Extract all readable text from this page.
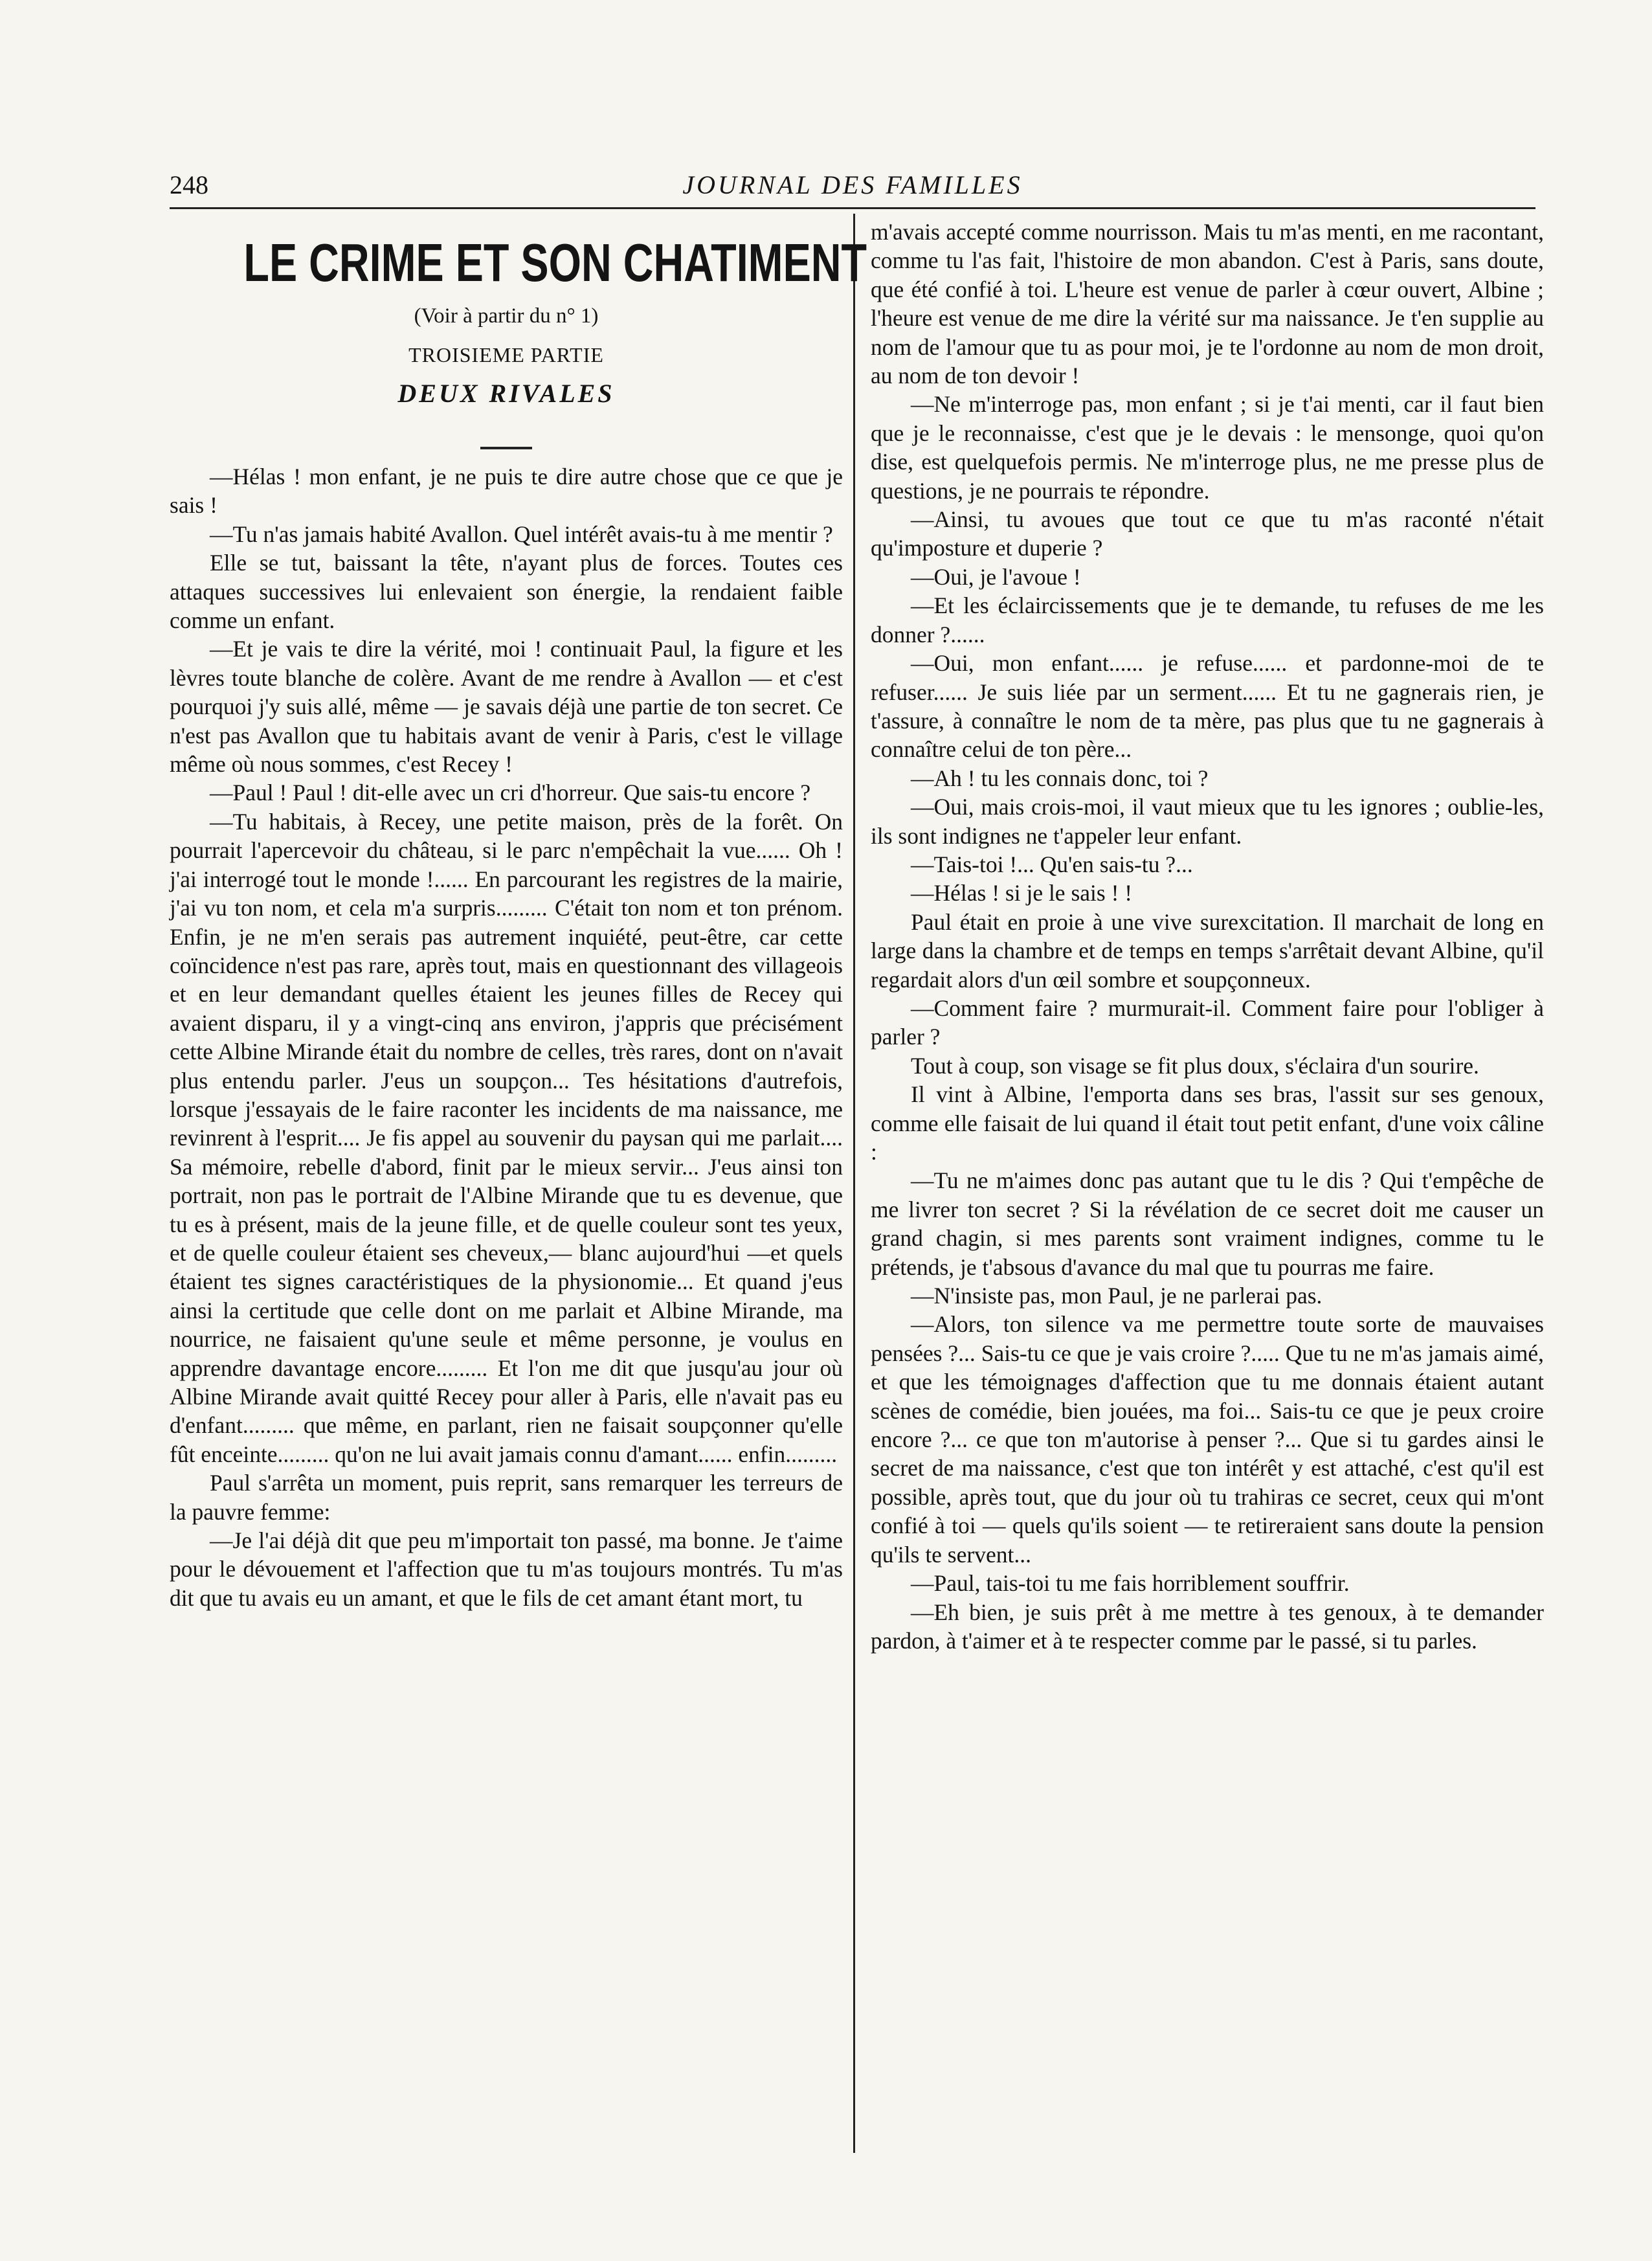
248	JOURNAL DES FAMILLES
LE CRIME ET SON CHATIMENT

(Voir à partir du n° 1)

TROISIEME PARTIE

DEUX RIVALES

—Hélas ! mon enfant, je ne puis te dire autre chose que ce que je sais !

—Tu n'as jamais habité Avallon. Quel intérêt avais-tu à me mentir ?

Elle se tut, baissant la tête, n'ayant plus de forces. Toutes ces attaques successives lui enlevaient son énergie, la rendaient faible comme un enfant.

—Et je vais te dire la vérité, moi ! continuait Paul, la figure et les lèvres toute blanche de colère. Avant de me rendre à Avallon — et c'est pourquoi j'y suis allé, même — je savais déjà une partie de ton secret. Ce n'est pas Avallon que tu habitais avant de venir à Paris, c'est le village même où nous sommes, c'est Recey !

—Paul ! Paul ! dit-elle avec un cri d'horreur. Que sais-tu encore ?

—Tu habitais, à Recey, une petite maison, près de la forêt. On pourrait l'apercevoir du château, si le parc n'empêchait la vue...... Oh ! j'ai interrogé tout le monde !...... En parcourant les registres de la mairie, j'ai vu ton nom, et cela m'a surpris......... C'était ton nom et ton prénom. Enfin, je ne m'en serais pas autrement inquiété, peut-être, car cette coïncidence n'est pas rare, après tout, mais en questionnant des villageois et en leur demandant quelles étaient les jeunes filles de Recey qui avaient disparu, il y a vingt-cinq ans environ, j'appris que précisément cette Albine Mirande était du nombre de celles, très rares, dont on n'avait plus entendu parler. J'eus un soupçon... Tes hésitations d'autrefois, lorsque j'essayais de le faire raconter les incidents de ma naissance, me revinrent à l'esprit.... Je fis appel au souvenir du paysan qui me parlait.... Sa mémoire, rebelle d'abord, finit par le mieux servir... J'eus ainsi ton portrait, non pas le portrait de l'Albine Mirande que tu es devenue, que tu es à présent, mais de la jeune fille, et de quelle couleur sont tes yeux, et de quelle couleur étaient ses cheveux,— blanc aujourd'hui —et quels étaient tes signes caractéristiques de la physionomie... Et quand j'eus ainsi la certitude que celle dont on me parlait et Albine Mirande, ma nourrice, ne faisaient qu'une seule et même personne, je voulus en apprendre davantage encore......... Et l'on me dit que jusqu'au jour où Albine Mirande avait quitté Recey pour aller à Paris, elle n'avait pas eu d'enfant......... que même, en parlant, rien ne faisait soupçonner qu'elle fût enceinte......... qu'on ne lui avait jamais connu d'amant...... enfin.........

Paul s'arrêta un moment, puis reprit, sans remarquer les terreurs de la pauvre femme:

—Je l'ai déjà dit que peu m'importait ton passé, ma bonne. Je t'aime pour le dévouement et l'affection que tu m'as toujours montrés. Tu m'as dit que tu avais eu un amant, et que le fils de cet amant étant mort, tu

m'avais accepté comme nourrisson. Mais tu m'as menti, en me racontant, comme tu l'as fait, l'histoire de mon abandon. C'est à Paris, sans doute, que été confié à toi. L'heure est venue de parler à cœur ouvert, Albine ; l'heure est venue de me dire la vérité sur ma naissance. Je t'en supplie au nom de l'amour que tu as pour moi, je te l'ordonne au nom de mon droit, au nom de ton devoir !

—Ne m'interroge pas, mon enfant ; si je t'ai menti, car il faut bien que je le reconnaisse, c'est que je le devais : le mensonge, quoi qu'on dise, est quelquefois permis. Ne m'interroge plus, ne me presse plus de questions, je ne pourrais te répondre.

—Ainsi, tu avoues que tout ce que tu m'as raconté n'était qu'imposture et duperie ?

—Oui, je l'avoue !

—Et les éclaircissements que je te demande, tu refuses de me les donner ?......

—Oui, mon enfant...... je refuse...... et pardonne-moi de te refuser...... Je suis liée par un serment...... Et tu ne gagnerais rien, je t'assure, à connaître le nom de ta mère, pas plus que tu ne gagnerais à connaître celui de ton père...

—Ah ! tu les connais donc, toi ?

—Oui, mais crois-moi, il vaut mieux que tu les ignores ; oublie-les, ils sont indignes ne t'appeler leur enfant.

—Tais-toi !... Qu'en sais-tu ?...

—Hélas ! si je le sais ! !

Paul était en proie à une vive surexcitation. Il marchait de long en large dans la chambre et de temps en temps s'arrêtait devant Albine, qu'il regardait alors d'un œil sombre et soupçonneux.

—Comment faire ? murmurait-il. Comment faire pour l'obliger à parler ?

Tout à coup, son visage se fit plus doux, s'éclaira d'un sourire.

Il vint à Albine, l'emporta dans ses bras, l'assit sur ses genoux, comme elle faisait de lui quand il était tout petit enfant, d'une voix câline :

—Tu ne m'aimes donc pas autant que tu le dis ? Qui t'empêche de me livrer ton secret ? Si la révélation de ce secret doit me causer un grand chagin, si mes parents sont vraiment indignes, comme tu le prétends, je t'absous d'avance du mal que tu pourras me faire.

—N'insiste pas, mon Paul, je ne parlerai pas.

—Alors, ton silence va me permettre toute sorte de mauvaises pensées ?... Sais-tu ce que je vais croire ?..... Que tu ne m'as jamais aimé, et que les témoignages d'affection que tu me donnais étaient autant scènes de comédie, bien jouées, ma foi... Sais-tu ce que je peux croire encore ?... ce que ton m'autorise à penser ?... Que si tu gardes ainsi le secret de ma naissance, c'est que ton intérêt y est attaché, c'est qu'il est possible, après tout, que du jour où tu trahiras ce secret, ceux qui m'ont confié à toi — quels qu'ils soient — te retireraient sans doute la pension qu'ils te servent...

—Paul, tais-toi tu me fais horriblement souffrir.

—Eh bien, je suis prêt à me mettre à tes genoux, à te demander pardon, à t'aimer et à te respecter comme par le passé, si tu parles.
